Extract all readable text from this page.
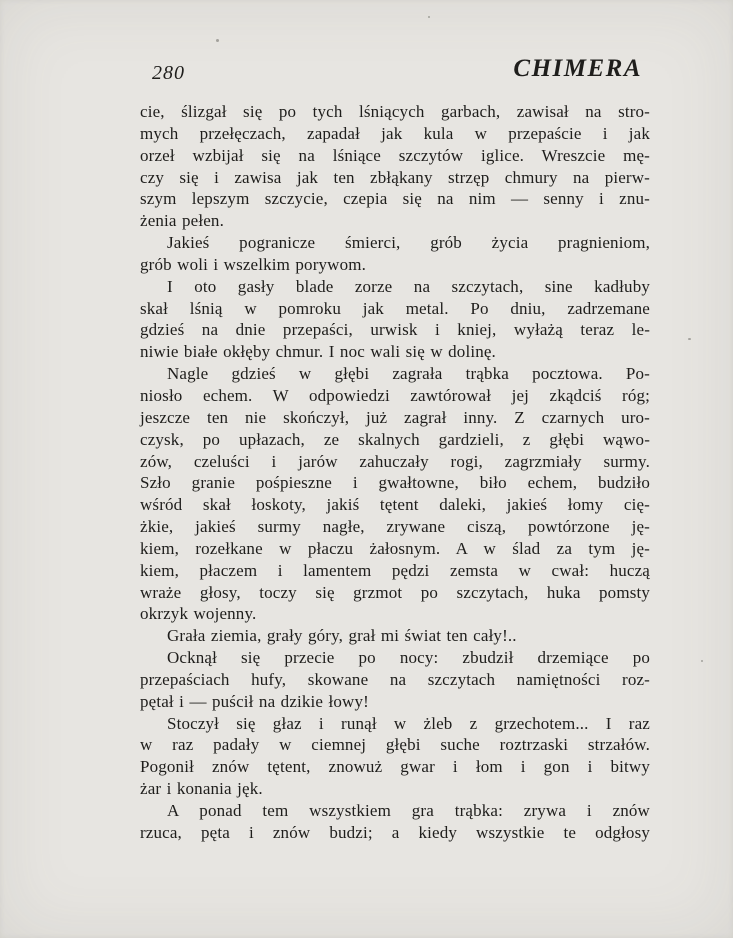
280	CHIMERA
cie, ślizgał się po tych lśniących garbach, zawisał na stro-
mych przełęczach, zapadał jak kula w przepaście i jak
orzeł wzbijał się na lśniące szczytów iglice. Wreszcie mę-
czy się i zawisa jak ten zbłąkany strzęp chmury na pierw-
szym lepszym szczycie, czepia się na nim — senny i znu-
żenia pełen.
Jakieś pogranicze śmierci, grób życia pragnieniom,
grób woli i wszelkim porywom.
I oto gasły blade zorze na szczytach, sine kadłuby
skał lśnią w pomroku jak metal. Po dniu, zadrzemane
gdzieś na dnie przepaści, urwisk i kniej, wyłażą teraz le-
niwie białe okłęby chmur. I noc wali się w dolinę.
Nagle gdzieś w głębi zagrała trąbka pocztowa. Po-
niosło echem. W odpowiedzi zawtórował jej zkądciś róg;
jeszcze ten nie skończył, już zagrał inny. Z czarnych uro-
czysk, po upłazach, ze skalnych gardzieli, z głębi wąwo-
zów, czeluści i jarów zahuczały rogi, zagrzmiały surmy.
Szło granie pośpieszne i gwałtowne, biło echem, budziło
wśród skał łoskoty, jakiś tętent daleki, jakieś łomy cię-
żkie, jakieś surmy nagłe, zrywane ciszą, powtórzone ję-
kiem, rozełkane w płaczu żałosnym. A w ślad za tym ję-
kiem, płaczem i lamentem pędzi zemsta w cwał: huczą
wraże głosy, toczy się grzmot po szczytach, huka pomsty
okrzyk wojenny.
Grała ziemia, grały góry, grał mi świat ten cały!..
Ocknął się przecie po nocy: zbudził drzemiące po
przepaściach hufy, skowane na szczytach namiętności roz-
pętał i — puścił na dzikie łowy!
Stoczył się głaz i runął w żleb z grzechotem... I raz
w raz padały w ciemnej głębi suche roztrzaski strzałów.
Pogonił znów tętent, znowuż gwar i łom i gon i bitwy
żar i konania jęk.
A ponad tem wszystkiem gra trąbka: zrywa i znów
rzuca, pęta i znów budzi; a kiedy wszystkie te odgłosy
